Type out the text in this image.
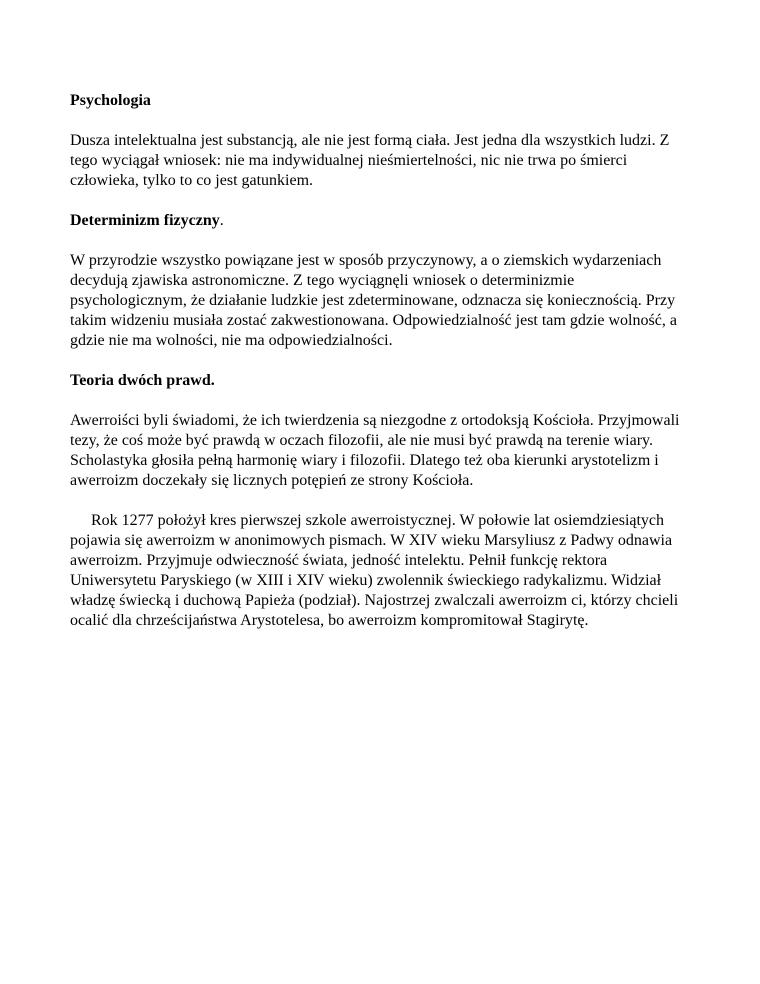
Psychologia

Dusza intelektualna jest substancją, ale nie jest formą ciała. Jest jedna dla wszystkich ludzi. Z tego wyciągał wniosek: nie ma indywidualnej nieśmiertelności, nic nie trwa po śmierci człowieka, tylko to co jest gatunkiem.

Determinizm fizyczny.

W przyrodzie wszystko powiązane jest w sposób przyczynowy, a o ziemskich wydarzeniach decydują zjawiska astronomiczne. Z tego wyciągnęli wniosek o determinizmie psychologicznym, że działanie ludzkie jest zdeterminowane, odznacza się koniecznością. Przy takim widzeniu musiała zostać zakwestionowana. Odpowiedzialność jest tam gdzie wolność, a gdzie nie ma wolności, nie ma odpowiedzialności.

Teoria dwóch prawd.

Awerroiści byli świadomi, że ich twierdzenia są niezgodne z ortodoksją Kościoła. Przyjmowali tezy, że coś może być prawdą w oczach filozofii, ale nie musi być prawdą na terenie wiary. Scholastyka głosiła pełną harmonię wiary i filozofii. Dlatego też oba kierunki arystotelizm i awerroizm doczekały się licznych potępień ze strony Kościoła.

Rok 1277 położył kres pierwszej szkole awerroistycznej. W połowie lat osiemdziesiątych pojawia się awerroizm w anonimowych pismach. W XIV wieku Marsyliusz z Padwy odnawia awerroizm. Przyjmuje odwieczność świata, jedność intelektu. Pełnił funkcję rektora Uniwersytetu Paryskiego (w XIII i XIV wieku) zwolennik świeckiego radykalizmu. Widział władzę świecką i duchową Papieża (podział). Najostrzej zwalczali awerroizm ci, którzy chcieli ocalić dla chrześcijaństwa Arystotelesa, bo awerroizm kompromitował Stagirytę.
